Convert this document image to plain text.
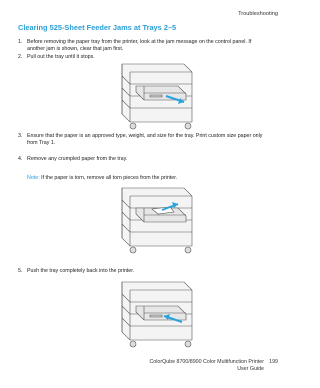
Troubleshooting
Clearing 525-Sheet Feeder Jams at Trays 2–5
1. Before removing the paper tray from the printer, look at the jam message on the control panel. If
another jam is shown, clear that jam first.
2. Pull out the tray until it stops.
3. Ensure that the paper is an approved type, weight, and size for the tray. Print custom size paper only
from Tray 1.
4. Remove any crumpled paper from the tray.
Note: If the paper is torn, remove all torn pieces from the printer.
5. Push the tray completely back into the printer.
ColorQube 8700/8900 Color Multifunction Printer 199
User Guide
